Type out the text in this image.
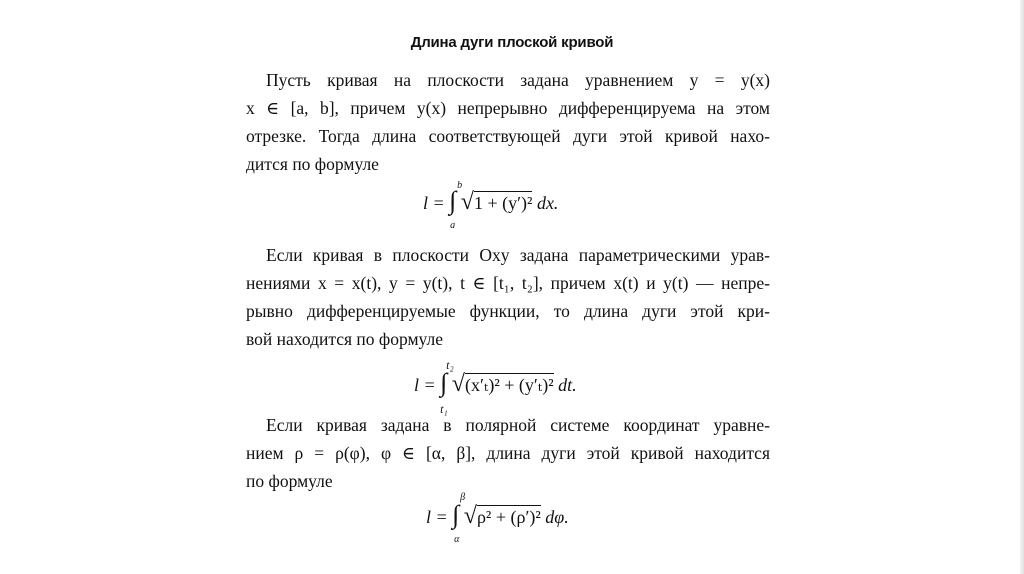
Длина дуги плоской кривой
Пусть кривая на плоскости задана уравнением y = y(x)
x ∈ [a, b], причем y(x) непрерывно дифференцируема на этом
отрезке. Тогда длина соответствующей дуги этой кривой нахо-
дится по формуле
l = ∫
b
a
√1 + (y′)² dx.
Если кривая в плоскости Oxy задана параметрическими урав-
нениями x = x(t), y = y(t), t ∈ [t₁, t₂], причем x(t) и y(t) — непре-
рывно дифференцируемые функции, то длина дуги этой кри-
вой находится по формуле
l = ∫
t₂
t₁
√(x′ₜ)² + (y′ₜ)² dt.
Если кривая задана в полярной системе координат уравне-
нием ρ = ρ(φ), φ ∈ [α, β], длина дуги этой кривой находится
по формуле
l = ∫
β
α
√ρ² + (ρ′)² dφ.
